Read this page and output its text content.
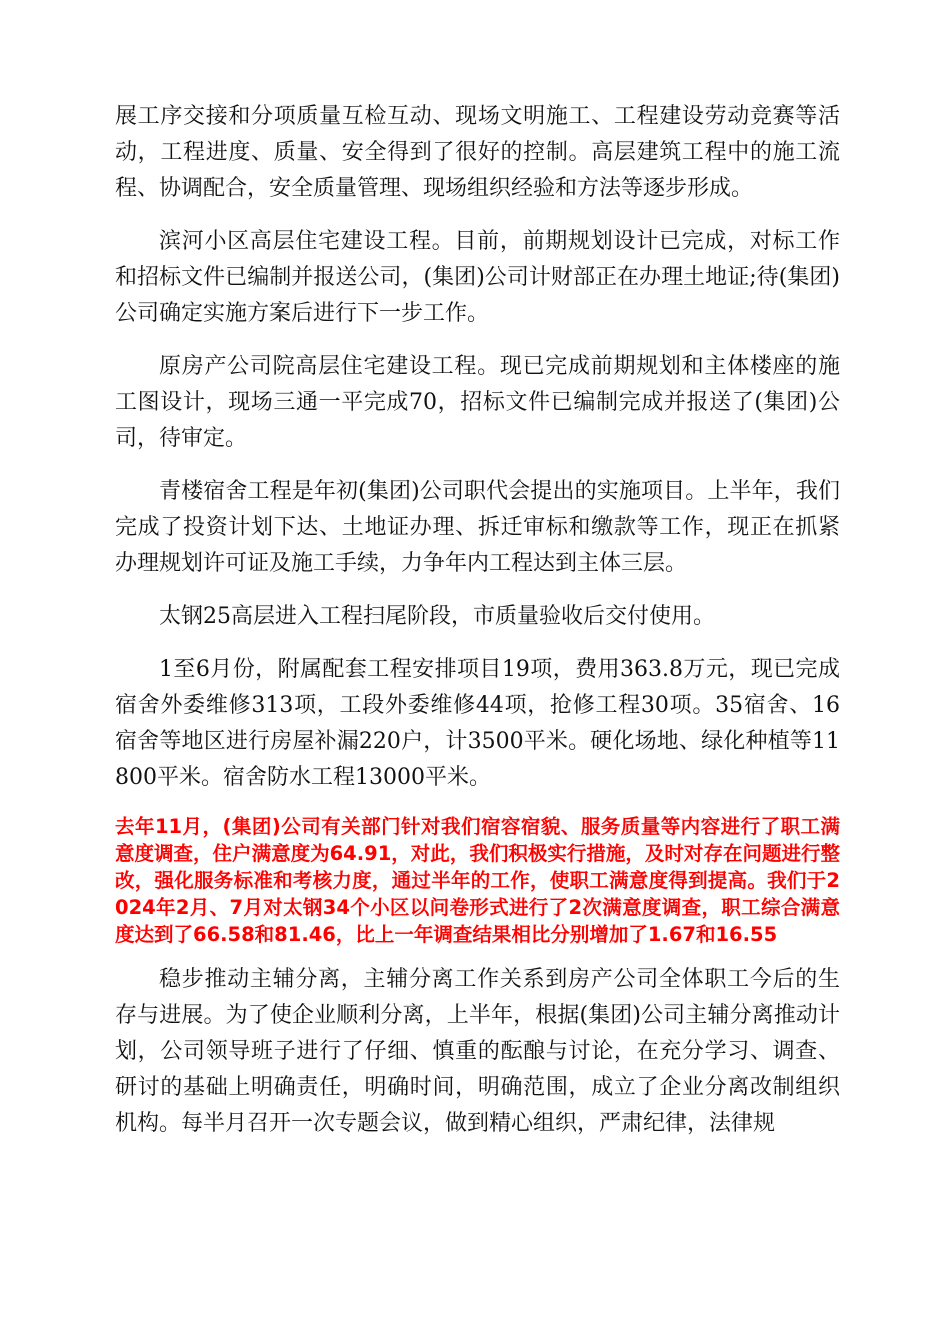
展工序交接和分项质量互检互动、现场文明施工、工程建设劳动竞赛等活动，工程进度、质量、安全得到了很好的控制。高层建筑工程中的施工流程、协调配合，安全质量管理、现场组织经验和方法等逐步形成。

滨河小区高层住宅建设工程。目前，前期规划设计已完成，对标工作和招标文件已编制并报送公司，(集团)公司计财部正在办理土地证;待(集团)公司确定实施方案后进行下一步工作。

原房产公司院高层住宅建设工程。现已完成前期规划和主体楼座的施工图设计，现场三通一平完成70，招标文件已编制完成并报送了(集团)公司，待审定。

青楼宿舍工程是年初(集团)公司职代会提出的实施项目。上半年，我们完成了投资计划下达、土地证办理、拆迁审标和缴款等工作，现正在抓紧办理规划许可证及施工手续，力争年内工程达到主体三层。

太钢25高层进入工程扫尾阶段，市质量验收后交付使用。

1至6月份，附属配套工程安排项目19项，费用363.8万元，现已完成宿舍外委维修313项，工段外委维修44项，抢修工程30项。35宿舍、16宿舍等地区进行房屋补漏220户，计3500平米。硬化场地、绿化种植等11800平米。宿舍防水工程13000平米。

去年11月，(集团)公司有关部门针对我们宿容宿貌、服务质量等内容进行了职工满意度调查，住户满意度为64.91，对此，我们积极实行措施，及时对存在问题进行整改，强化服务标准和考核力度，通过半年的工作，使职工满意度得到提高。我们于2024年2月、7月对太钢34个小区以问卷形式进行了2次满意度调查，职工综合满意度达到了66.58和81.46，比上一年调查结果相比分别增加了1.67和16.55

稳步推动主辅分离，主辅分离工作关系到房产公司全体职工今后的生存与进展。为了使企业顺利分离，上半年，根据(集团)公司主辅分离推动计划，公司领导班子进行了仔细、慎重的酝酿与讨论，在充分学习、调查、研讨的基础上明确责任，明确时间，明确范围，成立了企业分离改制组织机构。每半月召开一次专题会议，做到精心组织，严肃纪律，法律规
